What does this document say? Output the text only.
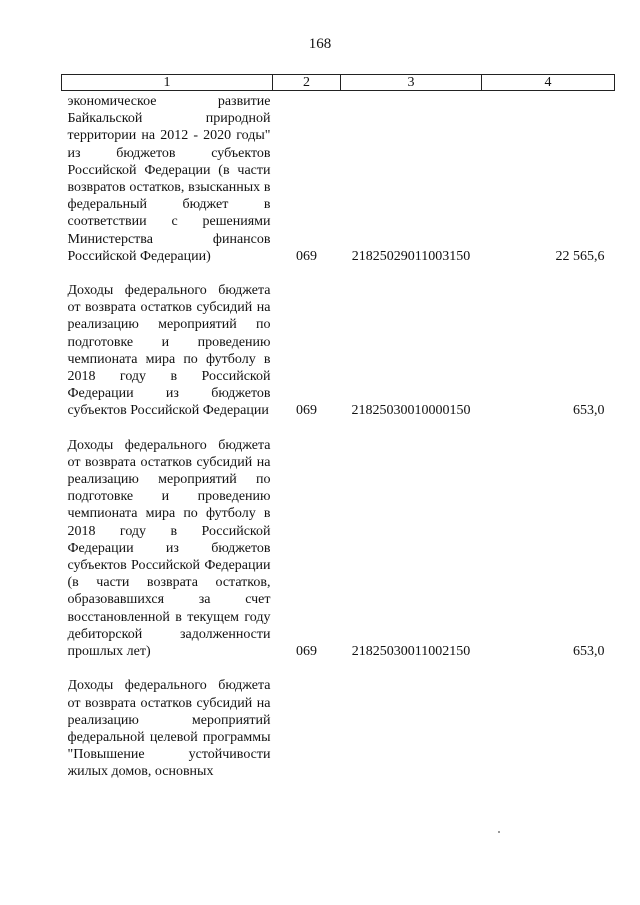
168
1	2	3	4
экономическое развитие Байкальской природной территории на 2012 - 2020 годы" из бюджетов субъектов Российской Федерации (в части возвратов остатков, взысканных в федеральный бюджет в соответствии с решениями Министерства финансов Российской Федерации)	069	21825029011003150	22 565,6

Доходы федерального бюджета от возврата остатков субсидий на реализацию мероприятий по подготовке и проведению чемпионата мира по футболу в 2018 году в Российской Федерации из бюджетов субъектов Российской Федерации	069	21825030010000150	653,0

Доходы федерального бюджета от возврата остатков субсидий на реализацию мероприятий по подготовке и проведению чемпионата мира по футболу в 2018 году в Российской Федерации из бюджетов субъектов Российской Федерации (в части возврата остатков, образовавшихся за счет восстановленной в текущем году дебиторской задолженности прошлых лет)	069	21825030011002150	653,0

Доходы федерального бюджета от возврата остатков субсидий на реализацию мероприятий федеральной целевой программы "Повышение устойчивости жилых домов, основных			
